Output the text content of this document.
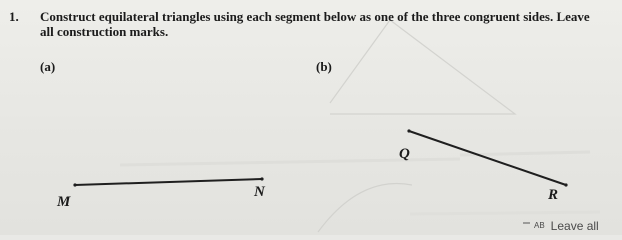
1. Construct equilateral triangles using each segment below as one of the three congruent sides. Leave all construction marks.
(a)	(b)
M
N
Q
R
AB Leave all
